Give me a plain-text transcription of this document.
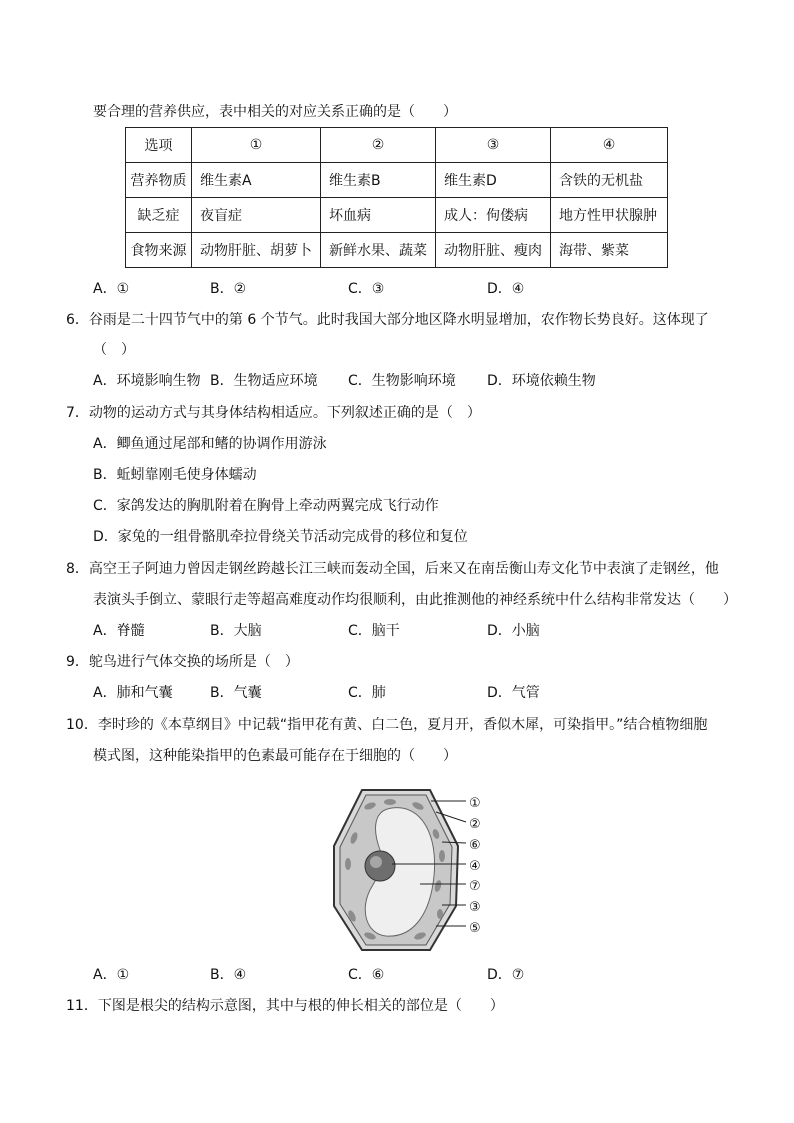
要合理的营养供应，表中相关的对应关系正确的是（　　）
选项	①	②	③	④
营养物质	维生素A	维生素B	维生素D	含铁的无机盐
缺乏症	夜盲症	坏血病	成人：佝偻病	地方性甲状腺肿
食物来源	动物肝脏、胡萝卜	新鲜水果、蔬菜	动物肝脏、瘦肉	海带、紫菜
A．①	B．②	C．③	D．④
6．谷雨是二十四节气中的第 6 个节气。此时我国大部分地区降水明显增加，农作物长势良好。这体现了
（　）
A．环境影响生物 B．生物适应环境 C．生物影响环境 D．环境依赖生物
7．动物的运动方式与其身体结构相适应。下列叙述正确的是（　）
A．鲫鱼通过尾部和鳍的协调作用游泳
B．蚯蚓靠刚毛使身体蠕动
C．家鸽发达的胸肌附着在胸骨上牵动两翼完成飞行动作
D．家兔的一组骨骼肌牵拉骨绕关节活动完成骨的移位和复位
8．高空王子阿迪力曾因走钢丝跨越长江三峡而轰动全国，后来又在南岳衡山寿文化节中表演了走钢丝，他
表演头手倒立、蒙眼行走等超高难度动作均很顺利，由此推测他的神经系统中什么结构非常发达（　　）
A．脊髓	B．大脑	C．脑干	D．小脑
9．鸵鸟进行气体交换的场所是（　）
A．肺和气囊	B．气囊	C．肺	D．气管
10．李时珍的《本草纲目》中记载“指甲花有黄、白二色，夏月开，香似木犀，可染指甲。”结合植物细胞
模式图，这种能染指甲的色素最可能存在于细胞的（　　）
①
②
⑥
④
⑦
③
⑤
A．①	B．④	C．⑥	D．⑦
11．下图是根尖的结构示意图，其中与根的伸长相关的部位是（　　）
